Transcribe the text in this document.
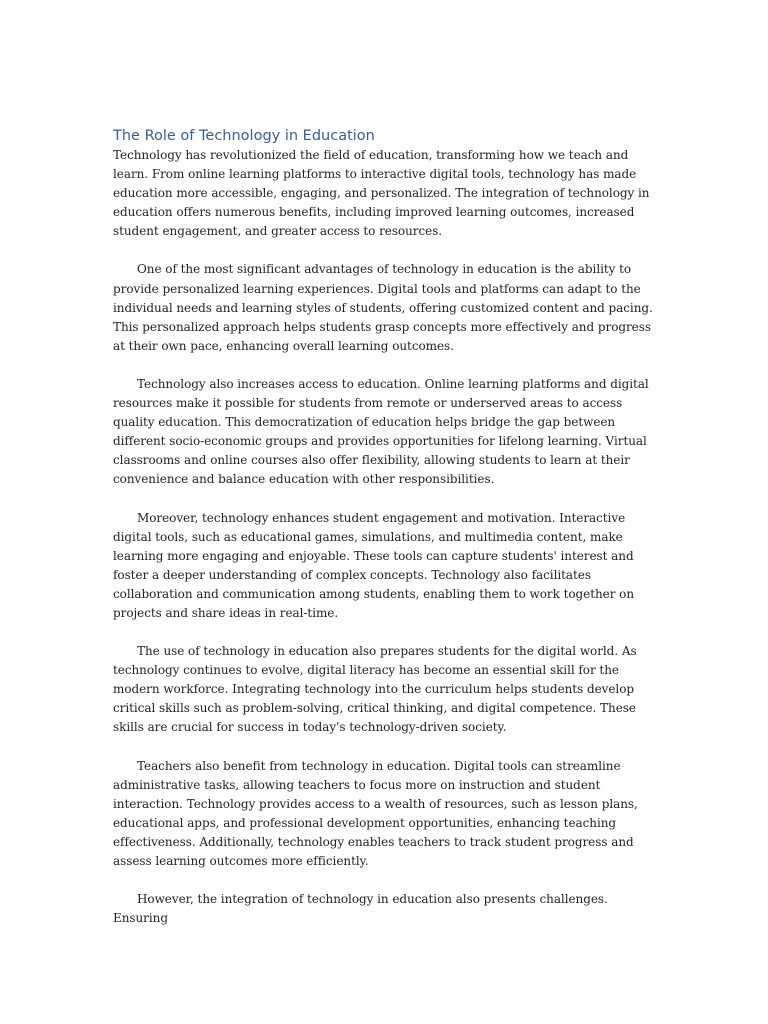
The Role of Technology in Education

Technology has revolutionized the field of education, transforming how we teach and learn. From online learning platforms to interactive digital tools, technology has made education more accessible, engaging, and personalized. The integration of technology in education offers numerous benefits, including improved learning outcomes, increased student engagement, and greater access to resources.

One of the most significant advantages of technology in education is the ability to provide personalized learning experiences. Digital tools and platforms can adapt to the individual needs and learning styles of students, offering customized content and pacing. This personalized approach helps students grasp concepts more effectively and progress at their own pace, enhancing overall learning outcomes.

Technology also increases access to education. Online learning platforms and digital resources make it possible for students from remote or underserved areas to access quality education. This democratization of education helps bridge the gap between different socio-economic groups and provides opportunities for lifelong learning. Virtual classrooms and online courses also offer flexibility, allowing students to learn at their convenience and balance education with other responsibilities.

Moreover, technology enhances student engagement and motivation. Interactive digital tools, such as educational games, simulations, and multimedia content, make learning more engaging and enjoyable. These tools can capture students' interest and foster a deeper understanding of complex concepts. Technology also facilitates collaboration and communication among students, enabling them to work together on projects and share ideas in real-time.

The use of technology in education also prepares students for the digital world. As technology continues to evolve, digital literacy has become an essential skill for the modern workforce. Integrating technology into the curriculum helps students develop critical skills such as problem-solving, critical thinking, and digital competence. These skills are crucial for success in today's technology-driven society.

Teachers also benefit from technology in education. Digital tools can streamline administrative tasks, allowing teachers to focus more on instruction and student interaction. Technology provides access to a wealth of resources, such as lesson plans, educational apps, and professional development opportunities, enhancing teaching effectiveness. Additionally, technology enables teachers to track student progress and assess learning outcomes more efficiently.

However, the integration of technology in education also presents challenges. Ensuring
